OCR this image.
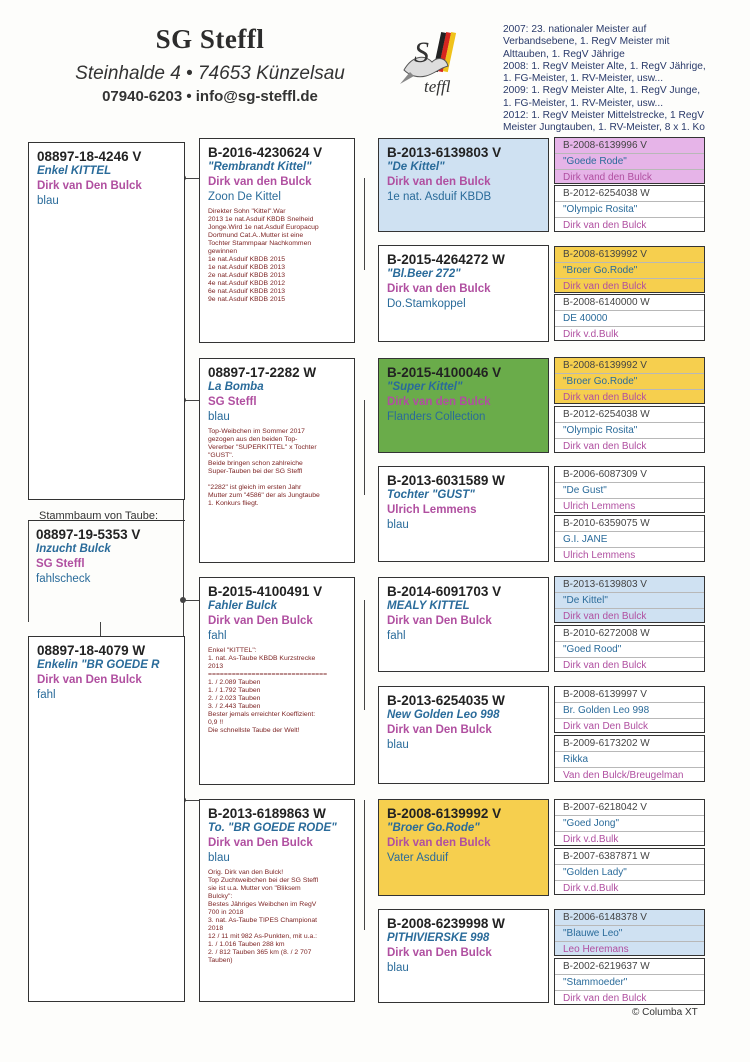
SG Steffl
Steinhalde 4 • 74653 Künzelsau
07940-6203 • info@sg-steffl.de
S
teffl
2007: 23. nationaler Meister auf
Verbandsebene, 1. RegV Meister mit
Alttauben, 1. RegV Jährige
2008: 1. RegV Meister Alte, 1. RegV Jährige,
1. FG-Meister, 1. RV-Meister, usw...
2009: 1. RegV Meister Alte, 1. RegV Junge,
1. FG-Meister, 1. RV-Meister, usw...
2012: 1. RegV Meister Mittelstrecke, 1 RegV
Meister Jungtauben, 1. RV-Meister, 8 x 1. Ko
08897-18-4246 V
Enkel KITTEL
Dirk van Den Bulck
blau
Stammbaum von Taube:
08897-19-5353 V
Inzucht Bulck
SG Steffl
fahlscheck
08897-18-4079 W
Enkelin "BR GOEDE R
Dirk van Den Bulck
fahl
B-2016-4230624 V
"Rembrandt Kittel"
Dirk van den Bulck
Zoon De Kittel
Direkter Sohn "Kittel".War
2013 1e nat.Asduif KBDB Snelheid
Jonge.Wird 1e nat.Asduif Europacup
Dortmund Cat.A..Mutter ist eine
Tochter Stammpaar Nachkommen
gewinnen
1e nat.Asduif KBDB 2015
1e nat.Asduif KBDB 2013
2e nat.Asduif KBDB 2013
4e nat.Asduif KBDB 2012
6e nat.Asduif KBDB 2013
9e nat.Asduif KBDB 2015
08897-17-2282 W
La Bomba
SG Steffl
blau
Top-Weibchen im Sommer 2017
gezogen aus den beiden Top-
Vererber "SUPERKITTEL" x Tochter
"GUST".
Beide bringen schon zahlreiche
Super-Tauben bei der SG Steffl
"2282" ist gleich im ersten Jahr
Mutter zum "4586" der als Jungtaube
1. Konkurs fliegt.
B-2015-4100491 V
Fahler Bulck
Dirk van Den Bulck
fahl
Enkel "KITTEL":
1. nat. As-Taube KBDB Kurzstrecke
2013
==============================
1. / 2.089 Tauben
1. / 1.792 Tauben
2. / 2.023 Tauben
3. / 2.443 Tauben
Bester jemals erreichter Koeffizient:
0,9 !!
Die schnellste Taube der Welt!
B-2013-6189863 W
To. "BR GOEDE RODE"
Dirk van Den Bulck
blau
Orig. Dirk van den Bulck!
Top Zuchtweibchen bei der SG Steffl
sie ist u.a. Mutter von "Bliksem
Bulcky":
Bestes Jähriges Weibchen im RegV
700 in 2018
3. nat. As-Taube TIPES Championat
2018
12 / 11 mit 982 As-Punkten, mit u.a.:
1. / 1.016 Tauben 288 km
2. / 812 Tauben 365 km (8. / 2 707
Tauben)
B-2013-6139803 V
"De Kittel"
Dirk van den Bulck
1e nat. Asduif KBDB
B-2015-4264272 W
"Bl.Beer 272"
Dirk van den Bulck
Do.Stamkoppel
B-2015-4100046 V
"Super Kittel"
Dirk van den Bulck
Flanders Collection
B-2013-6031589 W
Tochter "GUST"
Ulrich Lemmens
blau
B-2014-6091703 V
MEALY KITTEL
Dirk van Den Bulck
fahl
B-2013-6254035 W
New Golden Leo 998
Dirk van Den Bulck
blau
B-2008-6139992 V
"Broer Go.Rode"
Dirk van den Bulck
Vater Asduif
B-2008-6239998 W
PITHIVIERSKE 998
Dirk van Den Bulck
blau
B-2008-6139996 V
"Goede Rode"
Dirk vand den Bulck
B-2012-6254038 W
"Olympic Rosita"
Dirk van den Bulck
B-2008-6139992 V
"Broer Go.Rode"
Dirk van den Bulck
B-2008-6140000 W
DE 40000
Dirk v.d.Bulk
B-2008-6139992 V
"Broer Go.Rode"
Dirk van den Bulck
B-2012-6254038 W
"Olympic Rosita"
Dirk van den Bulck
B-2006-6087309 V
"De Gust"
Ulrich Lemmens
B-2010-6359075 W
G.I. JANE
Ulrich Lemmens
B-2013-6139803 V
"De Kittel"
Dirk van den Bulck
B-2010-6272008 W
"Goed Rood"
Dirk van den Bulck
B-2008-6139997 V
Br. Golden Leo 998
Dirk van Den Bulck
B-2009-6173202 W
Rikka
Van den Bulck/Breugelman
B-2007-6218042 V
"Goed Jong"
Dirk v.d.Bulk
B-2007-6387871 W
"Golden Lady"
Dirk v.d.Bulk
B-2006-6148378 V
"Blauwe Leo"
Leo Heremans
B-2002-6219637 W
"Stammoeder"
Dirk van den Bulck
© Columba XT
